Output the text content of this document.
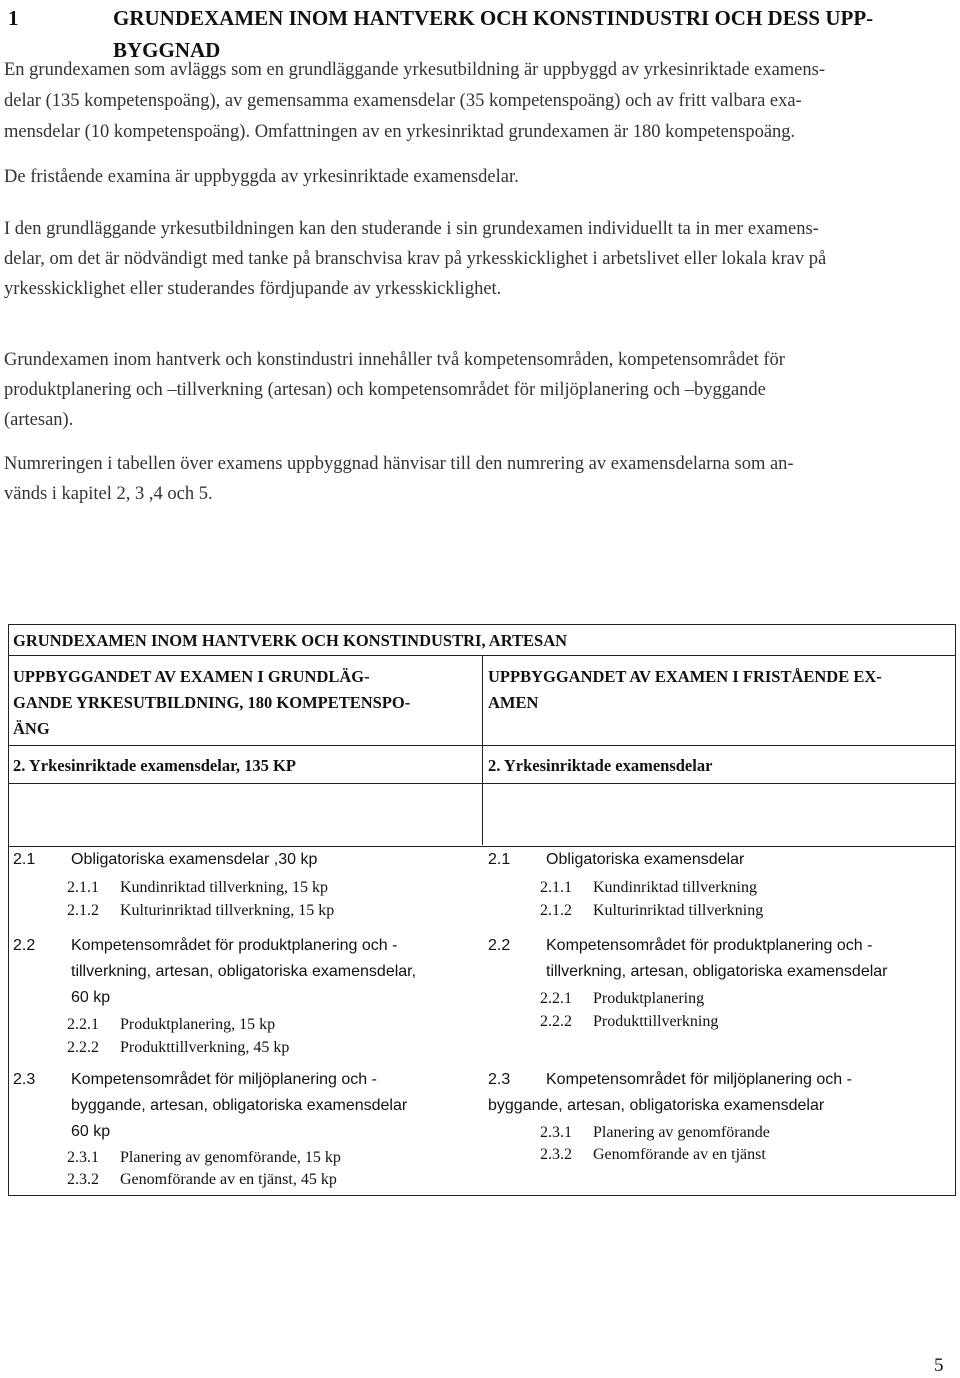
1	GRUNDEXAMEN INOM HANTVERK OCH KONSTINDUSTRI OCH DESS UPP-
BYGGNAD
En grundexamen som avläggs som en grundläggande yrkesutbildning är uppbyggd av yrkesinriktade examens-
delar (135 kompetenspoäng), av gemensamma examensdelar (35 kompetenspoäng) och av fritt valbara exa-
mensdelar (10 kompetenspoäng). Omfattningen av en yrkesinriktad grundexamen är 180 kompetenspoäng.
De fristående examina är uppbyggda av yrkesinriktade examensdelar.
I den grundläggande yrkesutbildningen kan den studerande i sin grundexamen individuellt ta in mer examens-
delar, om det är nödvändigt med tanke på branschvisa krav på yrkesskicklighet i arbetslivet eller lokala krav på
yrkesskicklighet eller studerandes fördjupande av yrkesskicklighet.
Grundexamen inom hantverk och konstindustri innehåller två kompetensområden, kompetensområdet för
produktplanering och –tillverkning (artesan) och kompetensområdet för miljöplanering och –byggande
(artesan).
Numreringen i tabellen över examens uppbyggnad hänvisar till den numrering av examensdelarna som an-
vänds i kapitel 2, 3 ,4 och 5.
GRUNDEXAMEN INOM HANTVERK OCH KONSTINDUSTRI, ARTESAN
UPPBYGGANDET AV EXAMEN I GRUNDLÄG-
GANDE YRKESUTBILDNING, 180 KOMPETENSPO-
ÄNG
UPPBYGGANDET AV EXAMEN I FRISTÅENDE EX-
AMEN
2. Yrkesinriktade examensdelar, 135 KP	2. Yrkesinriktade examensdelar
2.1 Obligatoriska examensdelar ,30 kp
2.1.1 Kundinriktad tillverkning, 15 kp
2.1.2 Kulturinriktad tillverkning, 15 kp
2.2 Kompetensområdet för produktplanering och -
tillverkning, artesan, obligatoriska examensdelar,
60 kp
2.2.1 Produktplanering, 15 kp
2.2.2 Produkttillverkning, 45 kp
2.3 Kompetensområdet för miljöplanering och -
byggande, artesan, obligatoriska examensdelar
60 kp
2.3.1 Planering av genomförande, 15 kp
2.3.2 Genomförande av en tjänst, 45 kp
2.1 Obligatoriska examensdelar
2.1.1 Kundinriktad tillverkning
2.1.2 Kulturinriktad tillverkning
2.2 Kompetensområdet för produktplanering och -
tillverkning, artesan, obligatoriska examensdelar
2.2.1 Produktplanering
2.2.2 Produkttillverkning
2.3 Kompetensområdet för miljöplanering och -
byggande, artesan, obligatoriska examensdelar
2.3.1 Planering av genomförande
2.3.2 Genomförande av en tjänst
5
